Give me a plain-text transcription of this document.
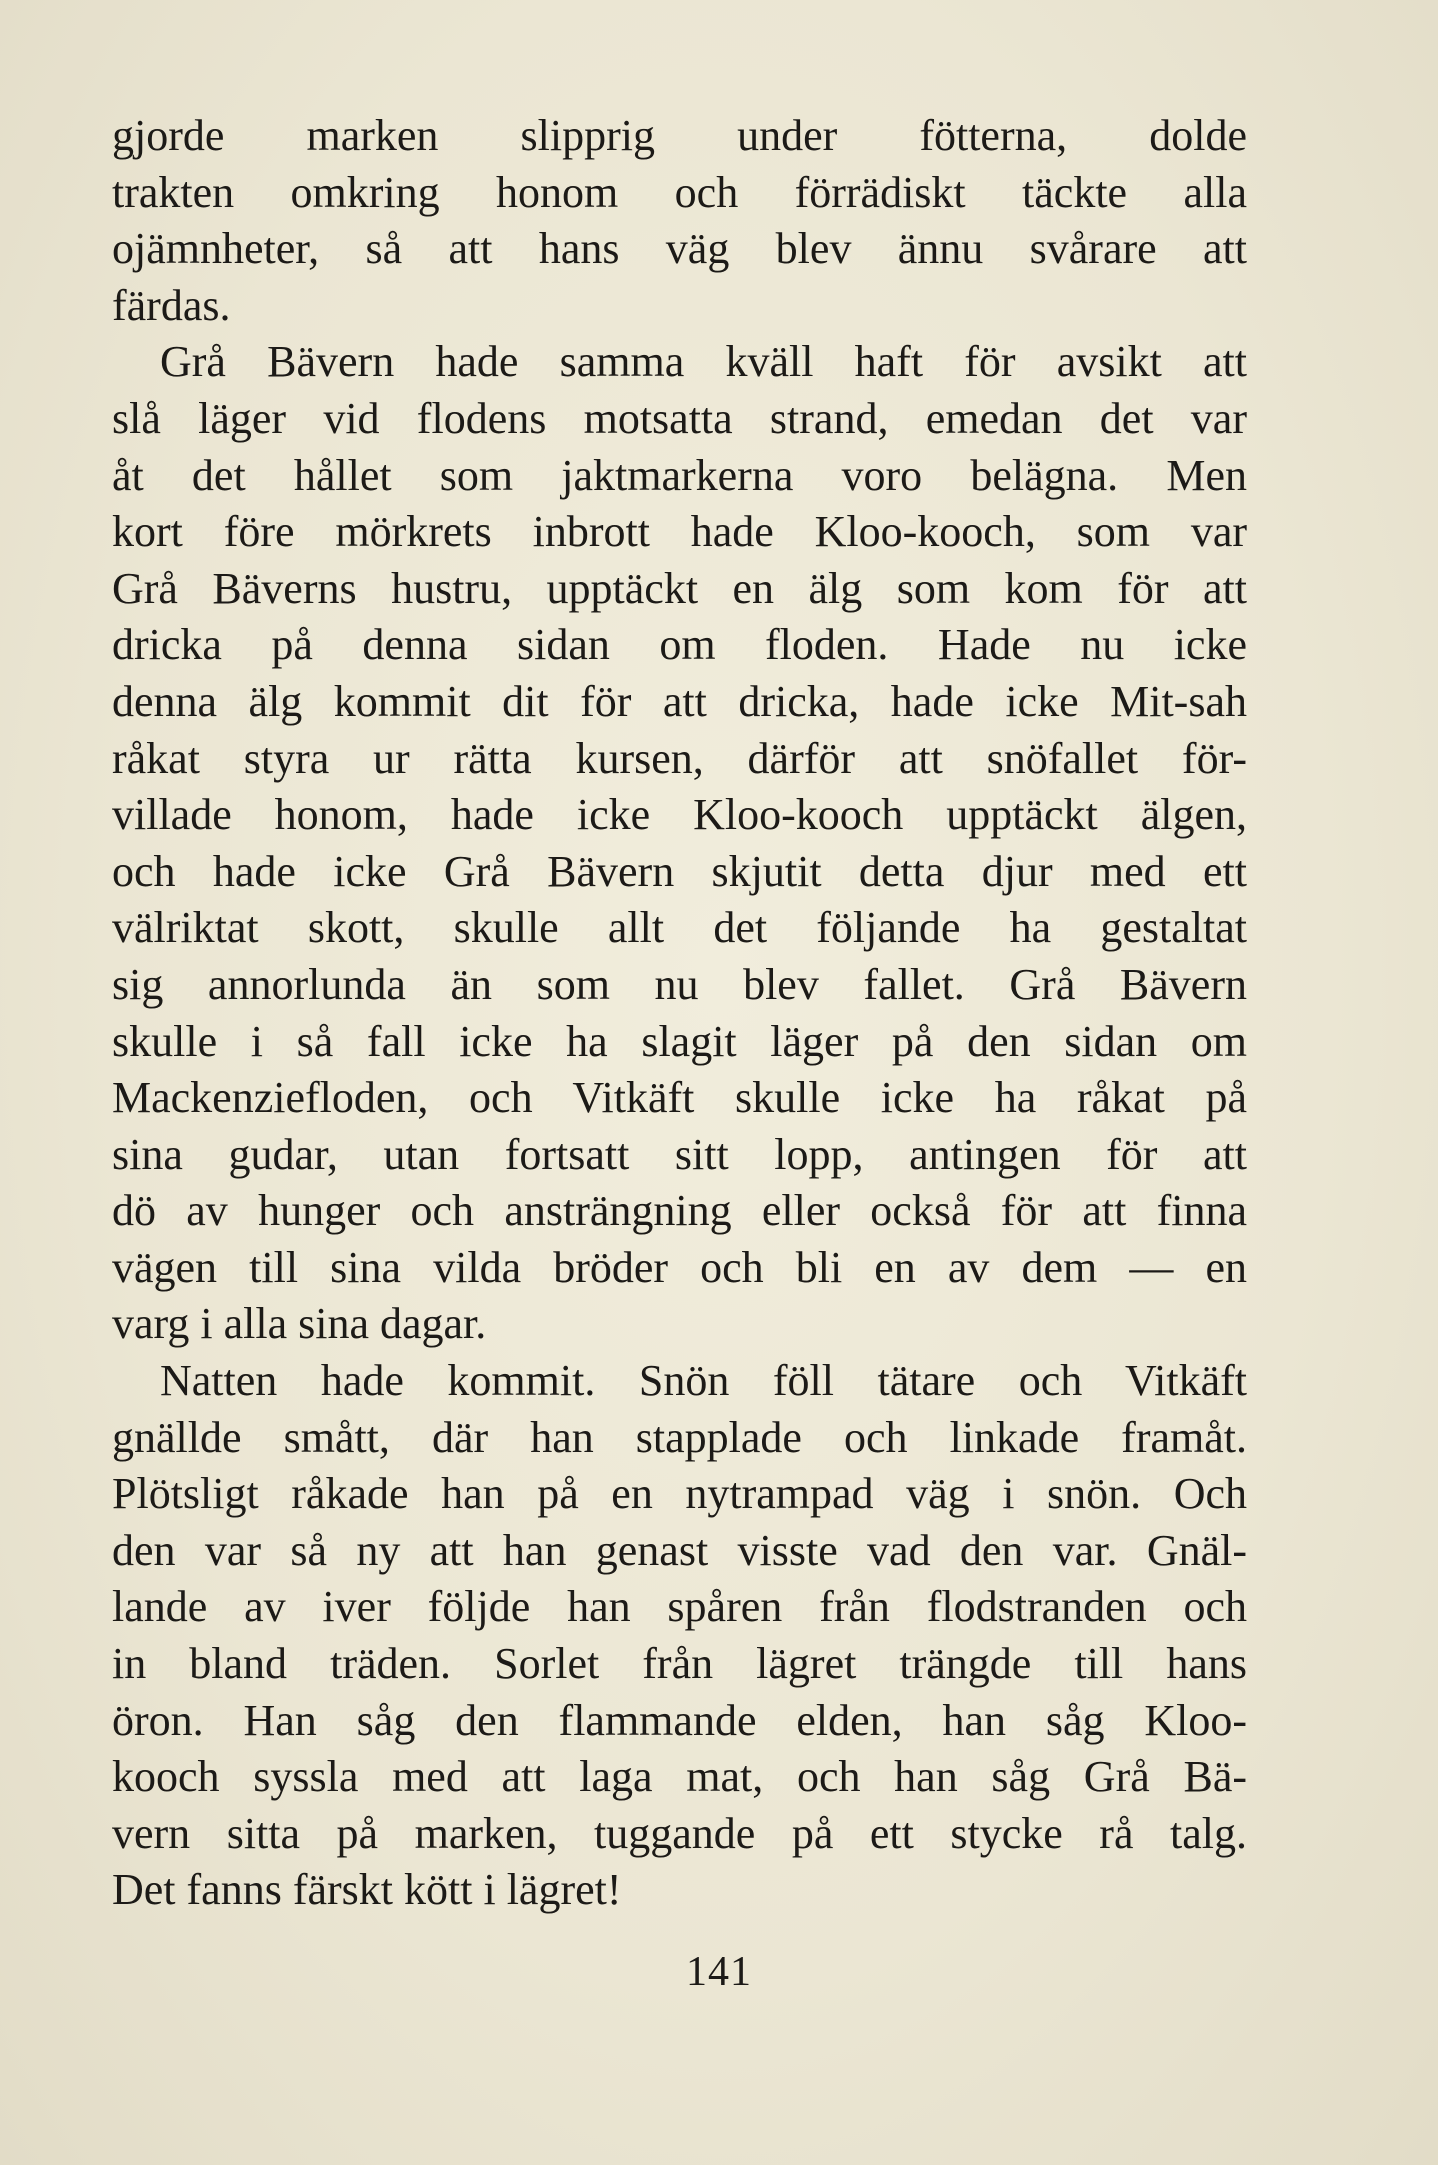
gjorde marken slipprig under fötterna, dolde
trakten omkring honom och förrädiskt täckte alla
ojämnheter, så att hans väg blev ännu svårare att
färdas.
Grå Bävern hade samma kväll haft för avsikt att
slå läger vid flodens motsatta strand, emedan det var
åt det hållet som jaktmarkerna voro belägna. Men
kort före mörkrets inbrott hade Kloo-kooch, som var
Grå Bäverns hustru, upptäckt en älg som kom för att
dricka på denna sidan om floden. Hade nu icke
denna älg kommit dit för att dricka, hade icke Mit-sah
råkat styra ur rätta kursen, därför att snöfallet för-
villade honom, hade icke Kloo-kooch upptäckt älgen,
och hade icke Grå Bävern skjutit detta djur med ett
välriktat skott, skulle allt det följande ha gestaltat
sig annorlunda än som nu blev fallet. Grå Bävern
skulle i så fall icke ha slagit läger på den sidan om
Mackenziefloden, och Vitkäft skulle icke ha råkat på
sina gudar, utan fortsatt sitt lopp, antingen för att
dö av hunger och ansträngning eller också för att finna
vägen till sina vilda bröder och bli en av dem — en
varg i alla sina dagar.
Natten hade kommit. Snön föll tätare och Vitkäft
gnällde smått, där han stapplade och linkade framåt.
Plötsligt råkade han på en nytrampad väg i snön. Och
den var så ny att han genast visste vad den var. Gnäl-
lande av iver följde han spåren från flodstranden och
in bland träden. Sorlet från lägret trängde till hans
öron. Han såg den flammande elden, han såg Kloo-
kooch syssla med att laga mat, och han såg Grå Bä-
vern sitta på marken, tuggande på ett stycke rå talg.
Det fanns färskt kött i lägret!
141
